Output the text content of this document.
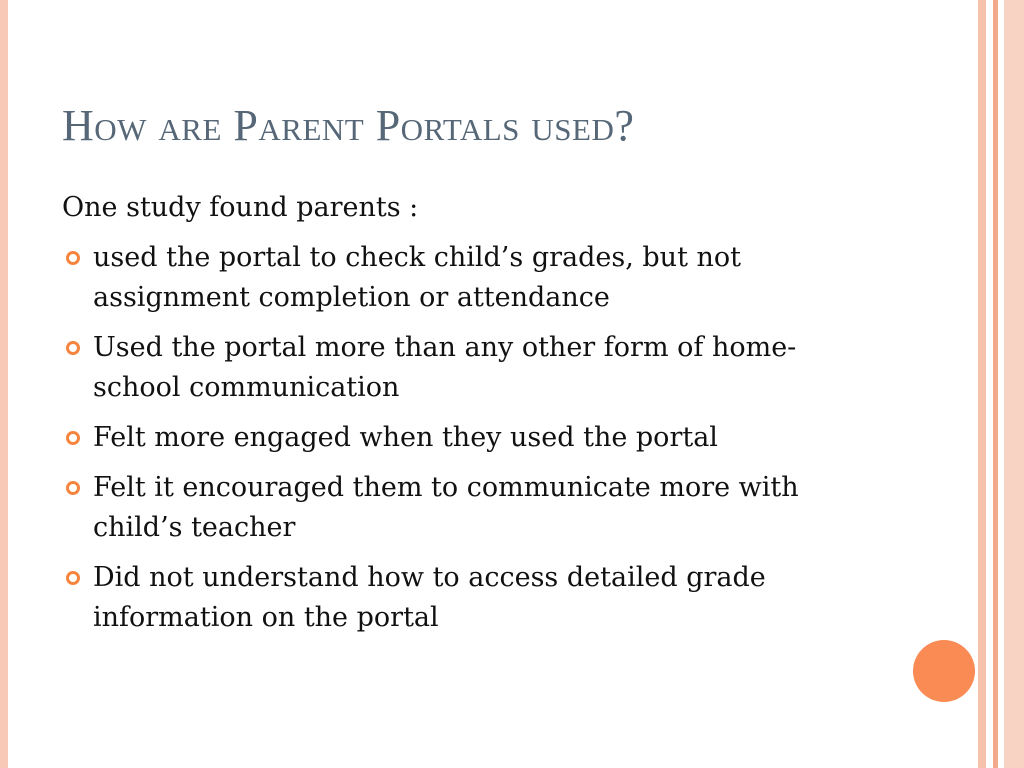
How are Parent Portals used?

One study found parents :

used the portal to check child’s grades, but not assignment completion or attendance
Used the portal more than any other form of home-school communication
Felt more engaged when they used the portal
Felt it encouraged them to communicate more with child’s teacher
Did not understand how to access detailed grade information on the portal
